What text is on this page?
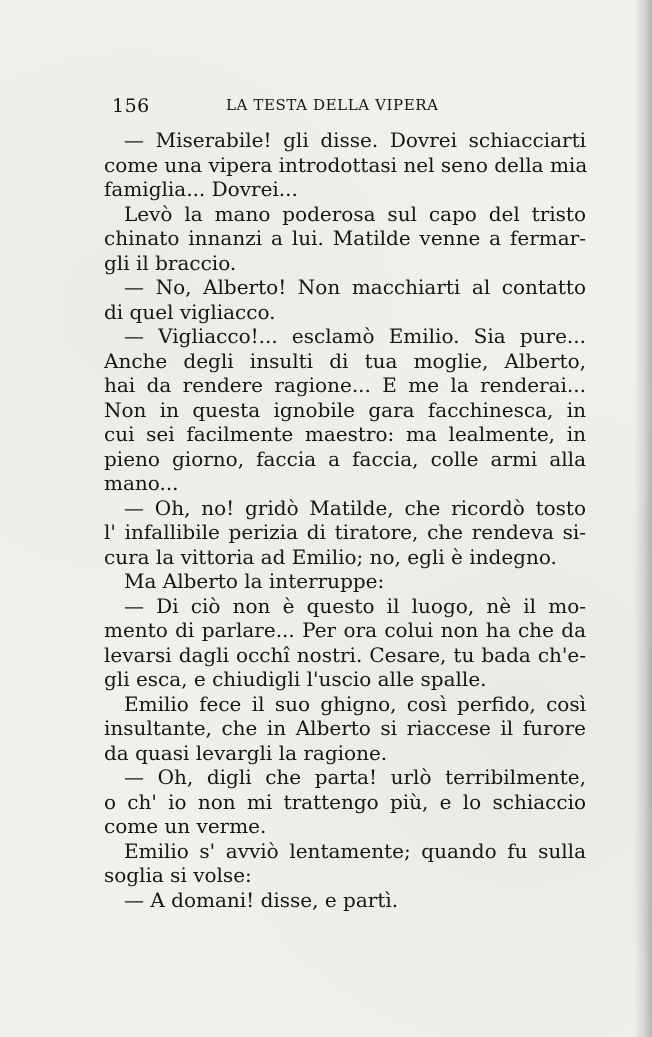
156	LA TESTA DELLA VIPERA
— Miserabile! gli disse. Dovrei schiacciarti
come una vipera introdottasi nel seno della mia
famiglia... Dovrei...
Levò la mano poderosa sul capo del tristo
chinato innanzi a lui. Matilde venne a fermar-
gli il braccio.
— No, Alberto! Non macchiarti al contatto
di quel vigliacco.
— Vigliacco!... esclamò Emilio. Sia pure...
Anche degli insulti di tua moglie, Alberto,
hai da rendere ragione... E me la renderai...
Non in questa ignobile gara facchinesca, in
cui sei facilmente maestro: ma lealmente, in
pieno giorno, faccia a faccia, colle armi alla
mano...
— Oh, no! gridò Matilde, che ricordò tosto
l' infallibile perizia di tiratore, che rendeva si-
cura la vittoria ad Emilio; no, egli è indegno.
Ma Alberto la interruppe:
— Di ciò non è questo il luogo, nè il mo-
mento di parlare... Per ora colui non ha che da
levarsi dagli occhî nostri. Cesare, tu bada ch'e-
gli esca, e chiudigli l'uscio alle spalle.
Emilio fece il suo ghigno, così perfido, così
insultante, che in Alberto si riaccese il furore
da quasi levargli la ragione.
— Oh, digli che parta! urlò terribilmente,
o ch' io non mi trattengo più, e lo schiaccio
come un verme.
Emilio s' avviò lentamente; quando fu sulla
soglia si volse:
— A domani! disse, e partì.
